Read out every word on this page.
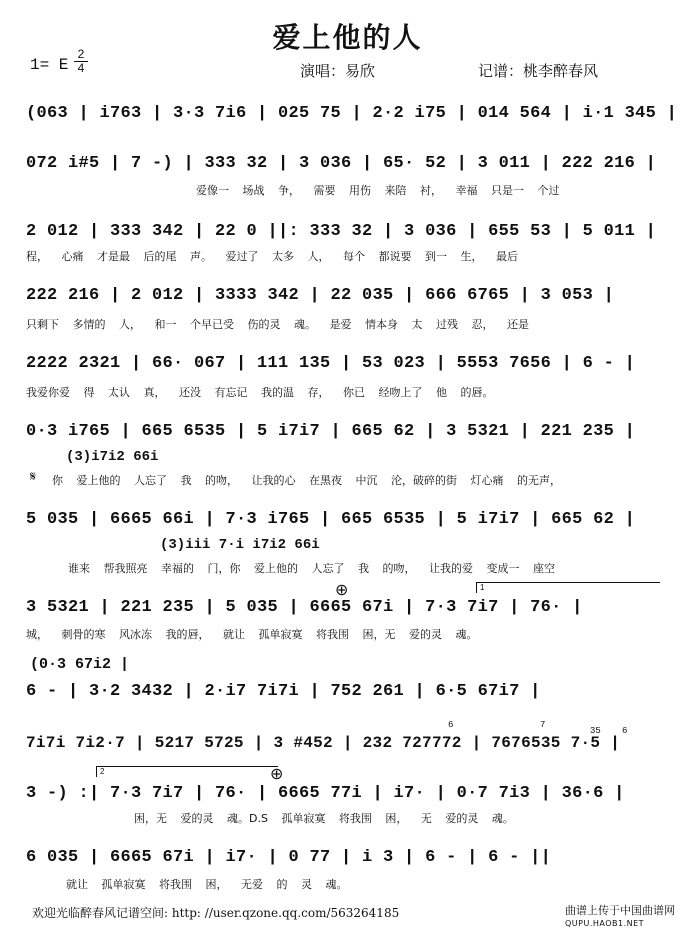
爱上他的人
1= E $\frac{2}{4}$	演唱：易欣	记谱：桃李醉春风
(063 | i763 | 3·3 7i6 | 025 75 | 2·2 i75 | 014 564 | i·1 345 |
072 i#5 | 7 -) | 333 32 | 3 036 | 65· 52 | 3 011 | 222 216 |
爱像一 场战 争， 需要 用伤 来陪 衬， 幸福 只是一 个过
2 012 | 333 342 | 22 0 ||: 333 32 | 3 036 | 655 53 | 5 011 |
程， 心痛 才是最 后的尾 声。 爱过了 太多 人， 每个 都说要 到一 生， 最后
222 216 | 2 012 | 3333 342 | 22 035 | 666 6765 | 3 053 |
只剩下 多情的 人， 和一 个早已受 伤的灵 魂。 是爱 情本身 太 过残 忍， 还是
2222 2321 | 66· 067 | 111 135 | 53 023 | 5553 7656 | 6 - |
我爱你爱 得 太认 真， 还没 有忘记 我的温 存， 你已 经吻上了 他 的唇。
0·3 i765 | 665 6535 | 5 i7i7 | 665 62 | 3 5321 | 221 235 |
(3)i7i2 66i
𝄋 你 爱上他的 人忘了 我 的吻， 让我的心 在黑夜 中沉 沦，破碎的街 灯心痛 的无声，
5 035 | 6665 66i | 7·3 i765 | 665 6535 | 5 i7i7 | 665 62 |
(3)iii 7·i i7i2 66i
谁来 帮我照亮 幸福的 门，你 爱上他的 人忘了 我 的吻， 让我的爱 变成一 座空
1
⊕
3 5321 | 221 235 | 5 035 | 6665 67i | 7·3 7i7 | 76· |
城， 刺骨的寒 风冰冻 我的唇， 就让 孤单寂寞 将我围 困，无 爱的灵 魂。
(0·3 67i2 |
6 - | 3·2 3432 | 2·i7 7i7i | 752 261 | 6·5 67i7 |
7i7i 7i2·7 | 5217 5725 | 3 #452 | 232 727772 | 7676535 7·5 |
6	7
35 6
2	⊕
3 -) :| 7·3 7i7 | 76· | 6665 77i | i7· | 0·7 7i3 | 36·6 |
困，无 爱的灵 魂。D.S 孤单寂寞 将我围 困， 无 爱的灵 魂。
6 035 | 6665 67i | i7· | 0 77 | i 3 | 6 - | 6 - ||
就让 孤单寂寞 将我围 困， 无爱 的 灵 魂。
欢迎光临醉春风记谱空间: http: //user.qzone.qq.com/563264185	曲谱上传于中国曲谱网
QUPU.HAOB1.NET
